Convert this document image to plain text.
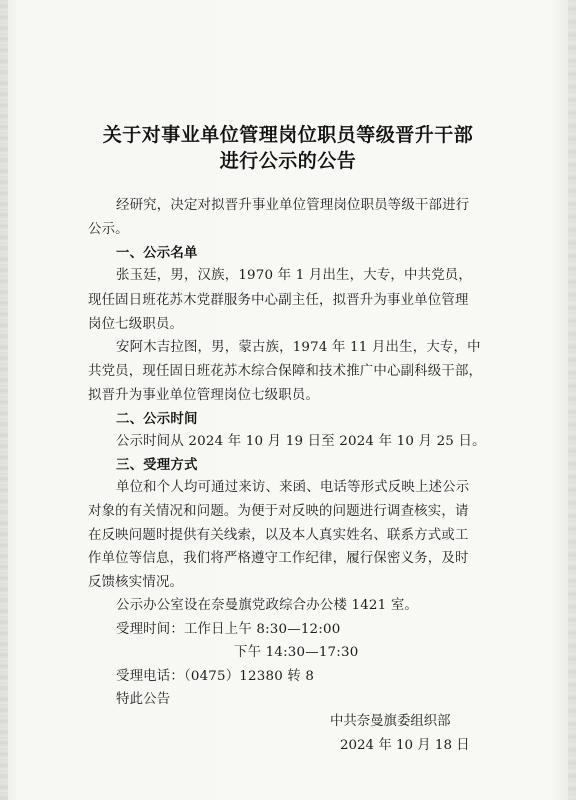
关于对事业单位管理岗位职员等级晋升干部
进行公示的公告
经研究，决定对拟晋升事业单位管理岗位职员等级干部进行
公示。
一、公示名单
张玉廷，男，汉族，1970 年 1 月出生，大专，中共党员，
现任固日班花苏木党群服务中心副主任，拟晋升为事业单位管理
岗位七级职员。
安阿木吉拉图，男，蒙古族，1974 年 11 月出生，大专，中
共党员，现任固日班花苏木综合保障和技术推广中心副科级干部，
拟晋升为事业单位管理岗位七级职员。
二、公示时间
公示时间从 2024 年 10 月 19 日至 2024 年 10 月 25 日。
三、受理方式
单位和个人均可通过来访、来函、电话等形式反映上述公示
对象的有关情况和问题。为便于对反映的问题进行调查核实，请
在反映问题时提供有关线索，以及本人真实姓名、联系方式或工
作单位等信息，我们将严格遵守工作纪律，履行保密义务，及时
反馈核实情况。
公示办公室设在奈曼旗党政综合办公楼 1421 室。
受理时间：工作日上午 8:30—12:00
下午 14:30—17:30
受理电话：（0475）12380 转 8
特此公告
中共奈曼旗委组织部
2024 年 10 月 18 日
